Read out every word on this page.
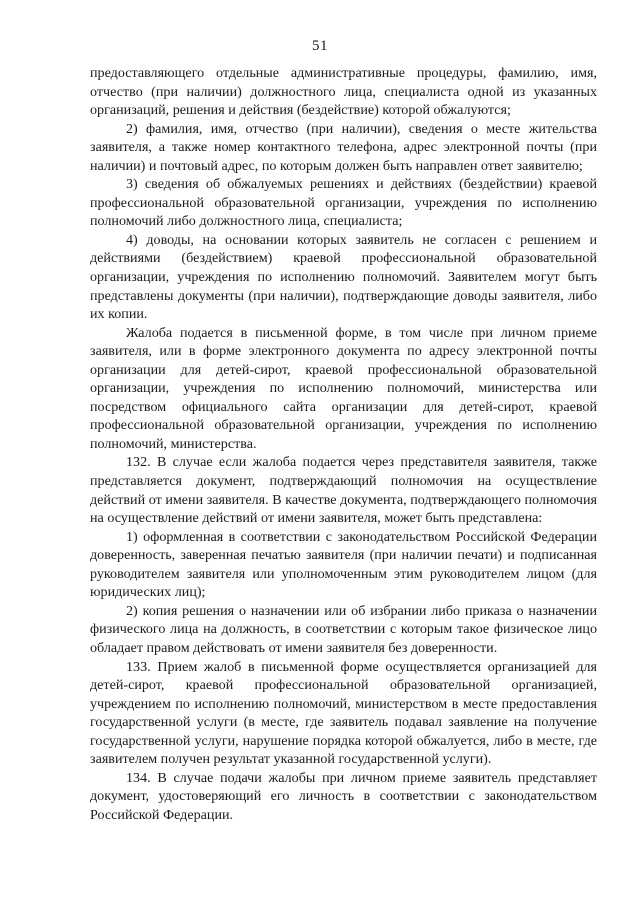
51

предоставляющего отдельные административные процедуры, фамилию, имя, отчество (при наличии) должностного лица, специалиста одной из указанных организаций, решения и действия (бездействие) которой обжалуются;

2) фамилия, имя, отчество (при наличии), сведения о месте жительства заявителя, а также номер контактного телефона, адрес электронной почты (при наличии) и почтовый адрес, по которым должен быть направлен ответ заявителю;

3) сведения об обжалуемых решениях и действиях (бездействии) краевой профессиональной образовательной организации, учреждения по исполнению полномочий либо должностного лица, специалиста;

4) доводы, на основании которых заявитель не согласен с решением и действиями (бездействием) краевой профессиональной образовательной организации, учреждения по исполнению полномочий. Заявителем могут быть представлены документы (при наличии), подтверждающие доводы заявителя, либо их копии.

Жалоба подается в письменной форме, в том числе при личном приеме заявителя, или в форме электронного документа по адресу электронной почты организации для детей-сирот, краевой профессиональной образовательной организации, учреждения по исполнению полномочий, министерства или посредством официального сайта организации для детей-сирот, краевой профессиональной образовательной организации, учреждения по исполнению полномочий, министерства.

132. В случае если жалоба подается через представителя заявителя, также представляется документ, подтверждающий полномочия на осуществление действий от имени заявителя. В качестве документа, подтверждающего полномочия на осуществление действий от имени заявителя, может быть представлена:

1) оформленная в соответствии с законодательством Российской Федерации доверенность, заверенная печатью заявителя (при наличии печати) и подписанная руководителем заявителя или уполномоченным этим руководителем лицом (для юридических лиц);

2) копия решения о назначении или об избрании либо приказа о назначении физического лица на должность, в соответствии с которым такое физическое лицо обладает правом действовать от имени заявителя без доверенности.

133. Прием жалоб в письменной форме осуществляется организацией для детей-сирот, краевой профессиональной образовательной организацией, учреждением по исполнению полномочий, министерством в месте предоставления государственной услуги (в месте, где заявитель подавал заявление на получение государственной услуги, нарушение порядка которой обжалуется, либо в месте, где заявителем получен результат указанной государственной услуги).

134. В случае подачи жалобы при личном приеме заявитель представляет документ, удостоверяющий его личность в соответствии с законодательством Российской Федерации.
